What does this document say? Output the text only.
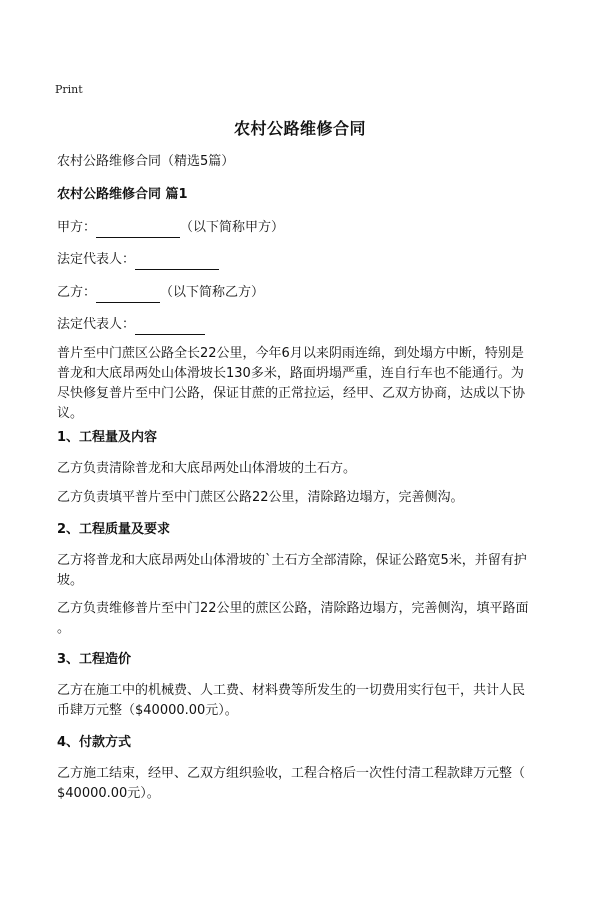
Print
农村公路维修合同
农村公路维修合同（精选5篇）
农村公路维修合同 篇1
甲方：	（以下简称甲方）
法定代表人：
乙方：	（以下简称乙方）
法定代表人：
普片至中门蔗区公路全长22公里，今年6月以来阴雨连绵，到处塌方中断，特别是
普龙和大底昂两处山体滑坡长130多米，路面坍塌严重，连自行车也不能通行。为
尽快修复普片至中门公路，保证甘蔗的正常拉运，经甲、乙双方协商，达成以下协
议。
1、工程量及内容
乙方负责清除普龙和大底昂两处山体滑坡的土石方。
乙方负责填平普片至中门蔗区公路22公里，清除路边塌方，完善侧沟。
2、工程质量及要求
乙方将普龙和大底昂两处山体滑坡的`土石方全部清除，保证公路宽5米，并留有护
坡。
乙方负责维修普片至中门22公里的蔗区公路，清除路边塌方，完善侧沟，填平路面
。
3、工程造价
乙方在施工中的机械费、人工费、材料费等所发生的一切费用实行包干，共计人民
币肆万元整（$40000.00元）。
4、付款方式
乙方施工结束，经甲、乙双方组织验收，工程合格后一次性付清工程款肆万元整（
$40000.00元）。
